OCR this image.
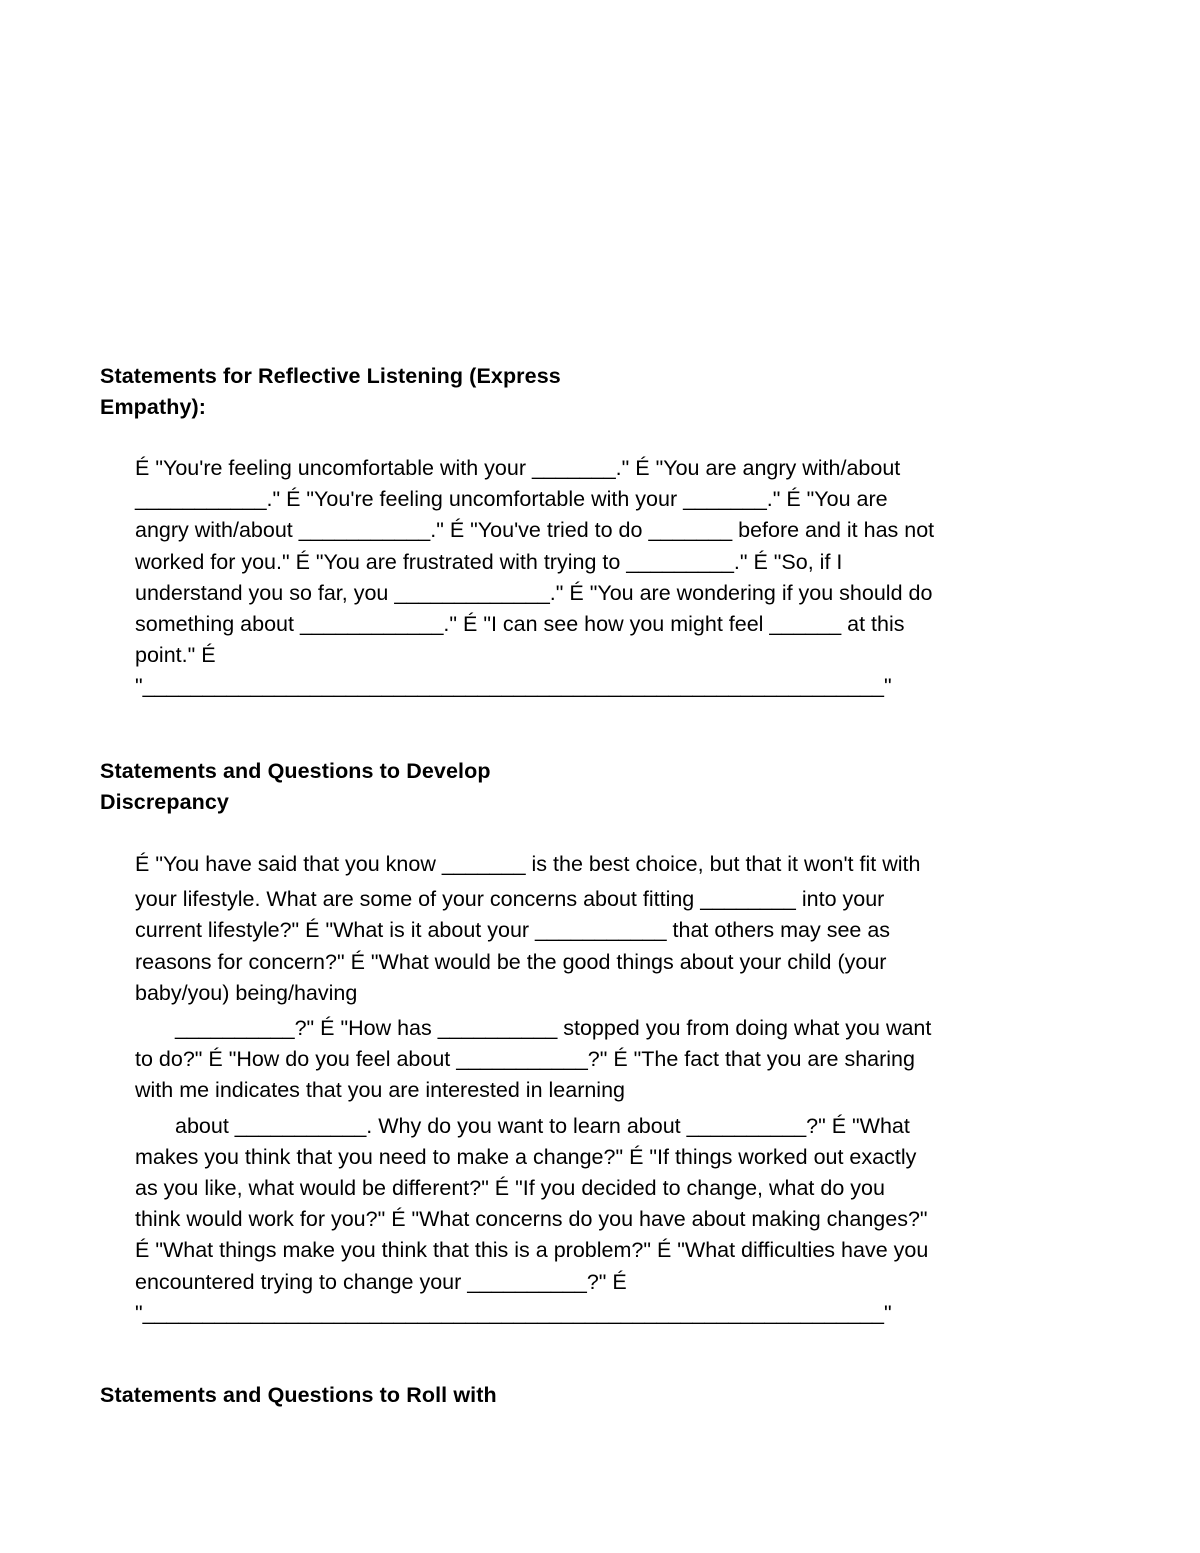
Statements for Reflective Listening (Express
Empathy):
É "You're feeling uncomfortable with your _______." É "You are angry with/about
___________." É "You're feeling uncomfortable with your _______." É "You are
angry with/about ___________." É "You've tried to do _______ before and it has not
worked for you." É "You are frustrated with trying to _________." É "So, if I
understand you so far, you _____________." É "You are wondering if you should do
something about ____________." É "I can see how you might feel ______ at this
point." É
"______________________________________________________________"
Statements and Questions to Develop
Discrepancy
É "You have said that you know _______ is the best choice, but that it won't fit with
your lifestyle. What are some of your concerns about fitting ________ into your
current lifestyle?" É "What is it about your ___________ that others may see as
reasons for concern?" É "What would be the good things about your child (your
baby/you) being/having
__________?" É "How has __________ stopped you from doing what you want
to do?" É "How do you feel about ___________?" É "The fact that you are sharing
with me indicates that you are interested in learning
about ___________. Why do you want to learn about __________?" É "What
makes you think that you need to make a change?" É "If things worked out exactly
as you like, what would be different?" É "If you decided to change, what do you
think would work for you?" É "What concerns do you have about making changes?"
É "What things make you think that this is a problem?" É "What difficulties have you
encountered trying to change your __________?" É
"______________________________________________________________"
Statements and Questions to Roll with
